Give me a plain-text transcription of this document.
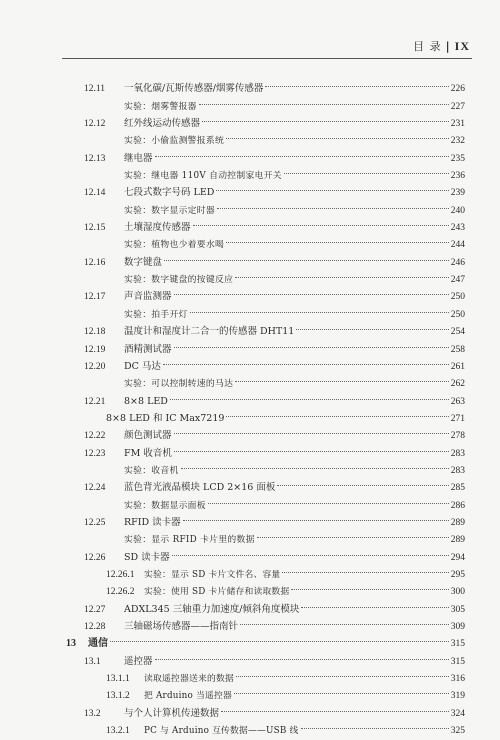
目 录 | IX
12.11	一氧化碳/瓦斯传感器/烟雾传感器	226
实验：烟雾警报器	227
12.12	红外线运动传感器	231
实验：小偷监测警报系统	232
12.13	继电器	235
实验：继电器 110V 自动控制家电开关	236
12.14	七段式数字号码 LED	239
实验：数字显示定时器	240
12.15	土壤湿度传感器	243
实验：植物也少着要水喝	244
12.16	数字键盘	246
实验：数字键盘的按键反应	247
12.17	声音监测器	250
实验：拍手开灯	250
12.18	温度计和湿度计二合一的传感器 DHT11	254
12.19	酒精测试器	258
12.20	DC 马达	261
实验：可以控制转速的马达	262
12.21	8×8 LED	263
8×8 LED 和 IC Max7219	271
12.22	颜色测试器	278
12.23	FM 收音机	283
实验：收音机	283
12.24	蓝色背光液晶模块 LCD 2×16 面板	285
实验：数据显示面板	286
12.25	RFID 读卡器	289
实验：显示 RFID 卡片里的数据	289
12.26	SD 读卡器	294
12.26.1	实验：显示 SD 卡片文件名、容量	295
12.26.2	实验：使用 SD 卡片储存和读取数据	300
12.27	ADXL345 三轴重力加速度/倾斜角度模块	305
12.28	三轴磁场传感器——指南针	309
13	通信	315
13.1	遥控器	315
13.1.1	读取遥控器送来的数据	316
13.1.2	把 Arduino 当遥控器	319
13.2	与个人计算机传递数据	324
13.2.1	PC 与 Arduino 互传数据——USB 线	325
